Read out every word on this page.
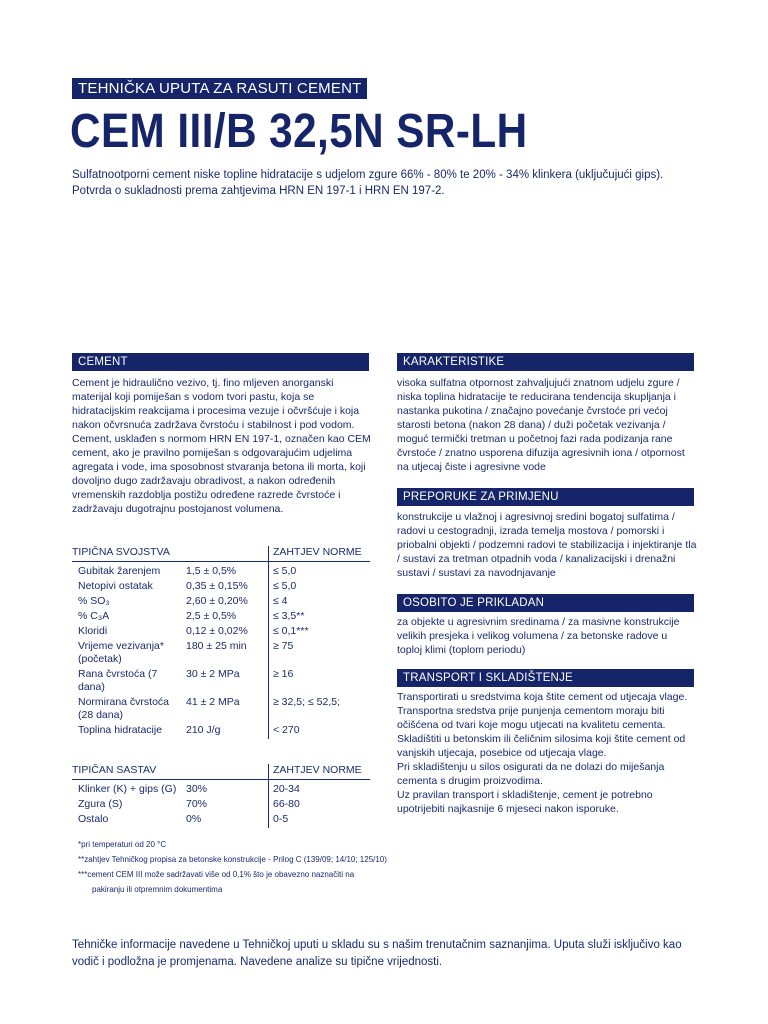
TEHNIČKA UPUTA ZA RASUTI CEMENT
CEM III/B 32,5N SR-LH
Sulfatnootporni cement niske topline hidratacije s udjelom zgure 66% - 80% te 20% - 34% klinkera (uključujući gips).
Potvrda o sukladnosti prema zahtjevima HRN EN 197-1 i HRN EN 197-2.
CEMENT
Cement je hidraulično vezivo, tj. fino mljeven anorganski materijal koji pomiješan s vodom tvori pastu, koja se hidratacijskim reakcijama i procesima vezuje i očvršćuje i koja nakon očvrsnuća zadržava čvrstoću i stabilnost i pod vodom.
Cement, usklađen s normom HRN EN 197-1, označen kao CEM cement, ako je pravilno pomiješan s odgovarajućim udjelima agregata i vode, ima sposobnost stvaranja betona ili morta, koji dovoljno dugo zadržavaju obradivost, a nakon određenih vremenskih razdoblja postižu određene razrede čvrstoće i zadržavaju dugotrajnu postojanost volumena.
TIPIČNA SVOJSTVA		ZAHTJEV NORME
Gubitak žarenjem	1,5 ± 0,5%	≤ 5,0
Netopivi ostatak	0,35 ± 0,15%	≤ 5,0
% SO₃	2,60 ± 0,20%	≤ 4
% C₃A	2,5 ± 0,5%	≤ 3,5**
Kloridi	0,12 ± 0,02%	≤ 0,1***
Vrijeme vezivanja* (početak)	180 ± 25 min	≥ 75
Rana čvrstoća (7 dana)	30 ± 2 MPa	≥ 16
Normirana čvrstoća (28 dana)	41 ± 2 MPa	≥ 32,5; ≤ 52,5;
Toplina hidratacije	210 J/g	< 270
TIPIČAN SASTAV		ZAHTJEV NORME
Klinker (K) + gips (G)	30%	20-34
Zgura (S)	70%	66-80
Ostalo	0%	0-5
*pri temperaturi od 20 °C
**zahtjev Tehničkog propisa za betonske konstrukcije - Prilog C (139/09; 14/10; 125/10)
***cement CEM III može sadržavati više od 0,1% što je obavezno naznačiti na
pakiranju ili otpremnim dokumentima
KARAKTERISTIKE
visoka sulfatna otpornost zahvaljujući znatnom udjelu zgure / niska toplina hidratacije te reducirana tendencija skupljanja i nastanka pukotina / značajno povećanje čvrstoće pri većoj starosti betona (nakon 28 dana) / duži početak vezivanja / moguć termički tretman u početnoj fazi rada podizanja rane čvrstoće / znatno usporena difuzija agresivnih iona / otpornost na utjecaj čiste i agresivne vode
PREPORUKE ZA PRIMJENU
konstrukcije u vlažnoj i agresivnoj sredini bogatoj sulfatima / radovi u cestogradnji, izrada temelja mostova / pomorski i priobalni objekti / podzemni radovi te stabilizacija i injektiranje tla / sustavi za tretman otpadnih voda / kanalizacijski i drenažni sustavi / sustavi za navodnjavanje
OSOBITO JE PRIKLADAN
za objekte u agresivnim sredinama / za masivne konstrukcije velikih presjeka i velikog volumena / za betonske radove u toploj klimi (toplom periodu)
TRANSPORT I SKLADIŠTENJE
Transportirati u sredstvima koja štite cement od utjecaja vlage. Transportna sredstva prije punjenja cementom moraju biti očišćena od tvari koje mogu utjecati na kvalitetu cementa.
Skladištiti u betonskim ili čeličnim silosima koji štite cement od vanjskih utjecaja, posebice od utjecaja vlage.
Pri skladištenju u silos osigurati da ne dolazi do miješanja cementa s drugim proizvodima.
Uz pravilan transport i skladištenje, cement je potrebno upotrijebiti najkasnije 6 mjeseci nakon isporuke.
Tehničke informacije navedene u Tehničkoj uputi u skladu su s našim trenutačnim saznanjima. Uputa služi isključivo kao vodič i podložna je promjenama. Navedene analize su tipične vrijednosti.
